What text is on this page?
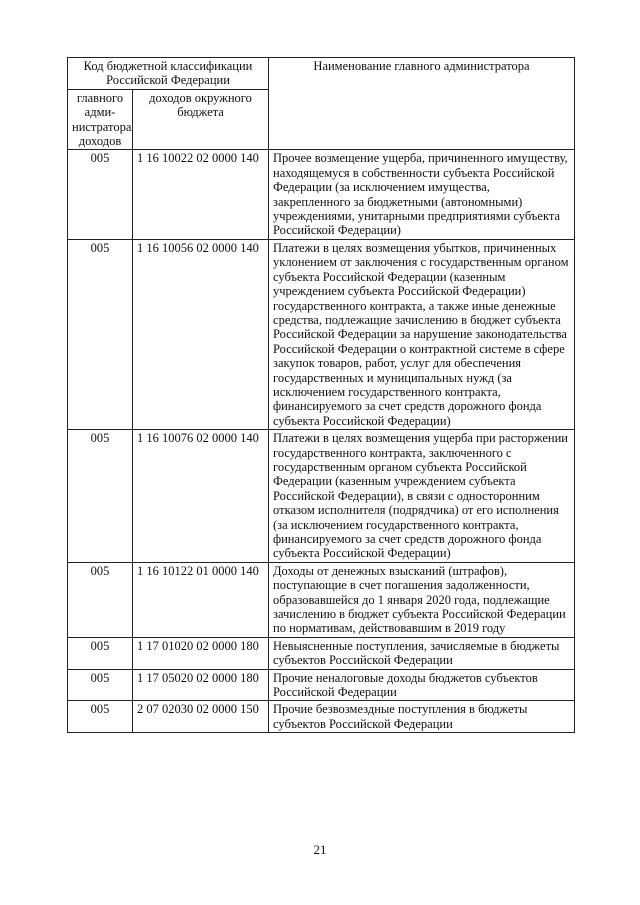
Код бюджетной классификации Российской Федерации		Наименование главного администратора
главного адми- нистратора доходов	доходов окружного бюджета	
005	1 16 10022 02 0000 140	Прочее возмещение ущерба, причиненного имуществу, находящемуся в собственности субъекта Российской Федерации (за исключением имущества, закрепленного за бюджетными (автономными) учреждениями, унитарными предприятиями субъекта Российской Федерации)
005	1 16 10056 02 0000 140	Платежи в целях возмещения убытков, причиненных уклонением от заключения с государственным органом субъекта Российской Федерации (казенным учреждением субъекта Российской Федерации) государственного контракта, а также иные денежные средства, подлежащие зачислению в бюджет субъекта Российской Федерации за нарушение законодательства Российской Федерации о контрактной системе в сфере закупок товаров, работ, услуг для обеспечения государственных и муниципальных нужд (за исключением государственного контракта, финансируемого за счет средств дорожного фонда субъекта Российской Федерации)
005	1 16 10076 02 0000 140	Платежи в целях возмещения ущерба при расторжении государственного контракта, заключенного с государственным органом субъекта Российской Федерации (казенным учреждением субъекта Российской Федерации), в связи с односторонним отказом исполнителя (подрядчика) от его исполнения (за исключением государственного контракта, финансируемого за счет средств дорожного фонда субъекта Российской Федерации)
005	1 16 10122 01 0000 140	Доходы от денежных взысканий (штрафов), поступающие в счет погашения задолженности, образовавшейся до 1 января 2020 года, подлежащие зачислению в бюджет субъекта Российской Федерации по нормативам, действовавшим в 2019 году
005	1 17 01020 02 0000 180	Невыясненные поступления, зачисляемые в бюджеты субъектов Российской Федерации
005	1 17 05020 02 0000 180	Прочие неналоговые доходы бюджетов субъектов Российской Федерации
005	2 07 02030 02 0000 150	Прочие безвозмездные поступления в бюджеты субъектов Российской Федерации
21
